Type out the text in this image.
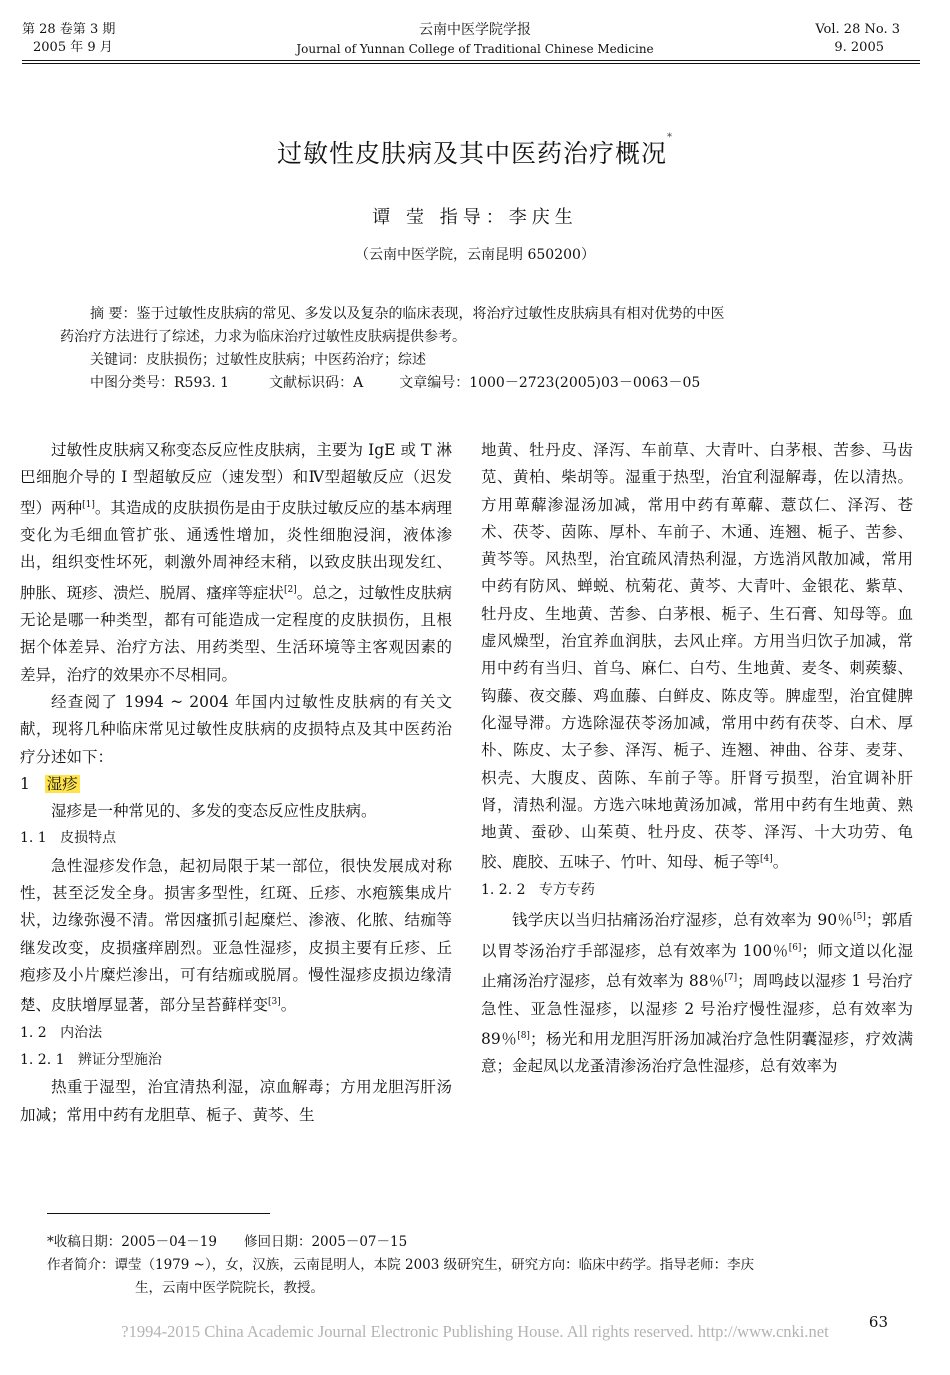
第 28 卷第 3 期
2005 年 9 月
云南中医学院学报
Journal of Yunnan College of Traditional Chinese Medicine
Vol. 28 No. 3
9. 2005
过敏性皮肤病及其中医药治疗概况*
谭 莹 指导：李庆生
（云南中医学院，云南昆明 650200）
摘 要：鉴于过敏性皮肤病的常见、多发以及复杂的临床表现，将治疗过敏性皮肤病具有相对优势的中医
药治疗方法进行了综述，力求为临床治疗过敏性皮肤病提供参考。
关键词：皮肤损伤；过敏性皮肤病；中医药治疗；综述
中图分类号：R593. 1	文献标识码：A	文章编号：1000－2723(2005)03－0063－05

过敏性皮肤病又称变态反应性皮肤病，主要为 IgE 或 T 淋巴细胞介导的 I 型超敏反应（速发型）和Ⅳ型超敏反应（迟发型）两种[1]。其造成的皮肤损伤是由于皮肤过敏反应的基本病理变化为毛细血管扩张、通透性增加，炎性细胞浸润，液体渗出，组织变性坏死，刺激外周神经末稍，以致皮肤出现发红、肿胀、斑疹、溃烂、脱屑、瘙痒等症状[2]。总之，过敏性皮肤病无论是哪一种类型，都有可能造成一定程度的皮肤损伤，且根据个体差异、治疗方法、用药类型、生活环境等主客观因素的差异，治疗的效果亦不尽相同。

经查阅了 1994 ~ 2004 年国内过敏性皮肤病的有关文献，现将几种临床常见过敏性皮肤病的皮损特点及其中医药治疗分述如下：

1 湿疹

湿疹是一种常见的、多发的变态反应性皮肤病。

1. 1 皮损特点

急性湿疹发作急，起初局限于某一部位，很快发展成对称性，甚至泛发全身。损害多型性，红斑、丘疹、水疱簇集成片状，边缘弥漫不清。常因瘙抓引起糜烂、渗液、化脓、结痂等继发改变，皮损瘙痒剧烈。亚急性湿疹，皮损主要有丘疹、丘疱疹及小片糜烂渗出，可有结痂或脱屑。慢性湿疹皮损边缘清楚、皮肤增厚显著，部分呈苔藓样变[3]。

1. 2 内治法

1. 2. 1 辨证分型施治

热重于湿型，治宜清热利湿，凉血解毒；方用龙胆泻肝汤加减；常用中药有龙胆草、栀子、黄芩、生

地黄、牡丹皮、泽泻、车前草、大青叶、白茅根、苦参、马齿苋、黄柏、柴胡等。湿重于热型，治宜利湿解毒，佐以清热。方用萆薢渗湿汤加减，常用中药有萆薢、薏苡仁、泽泻、苍术、茯苓、茵陈、厚朴、车前子、木通、连翘、栀子、苦参、黄芩等。风热型，治宜疏风清热利湿，方选消风散加减，常用中药有防风、蝉蜕、杭菊花、黄芩、大青叶、金银花、紫草、牡丹皮、生地黄、苦参、白茅根、栀子、生石膏、知母等。血虚风燥型，治宜养血润肤，去风止痒。方用当归饮子加减，常用中药有当归、首乌、麻仁、白芍、生地黄、麦冬、刺蒺藜、钩藤、夜交藤、鸡血藤、白鲜皮、陈皮等。脾虚型，治宜健脾化湿导滞。方选除湿茯苓汤加减，常用中药有茯苓、白术、厚朴、陈皮、太子参、泽泻、栀子、连翘、神曲、谷芽、麦芽、枳壳、大腹皮、茵陈、车前子等。肝肾亏损型，治宜调补肝肾，清热利湿。方选六味地黄汤加减，常用中药有生地黄、熟地黄、蚕砂、山茱萸、牡丹皮、茯苓、泽泻、十大功劳、龟胶、鹿胶、五味子、竹叶、知母、栀子等[4]。

1. 2. 2 专方专药

钱学庆以当归拈痛汤治疗湿疹，总有效率为 90％[5]；郭盾以胃苓汤治疗手部湿疹，总有效率为 100％[6]；师文道以化湿止痛汤治疗湿疹，总有效率为 88％[7]；周鸣歧以湿疹 1 号治疗急性、亚急性湿疹，以湿疹 2 号治疗慢性湿疹，总有效率为 89％[8]；杨光和用龙胆泻肝汤加减治疗急性阴囊湿疹，疗效满意；金起凤以龙蚤清渗汤治疗急性湿疹，总有效率为

*收稿日期：2005－04－19　　修回日期：2005－07－15
作者简介：谭莹（1979 ~），女，汉族，云南昆明人，本院 2003 级研究生，研究方向：临床中药学。指导老师：李庆
生，云南中医学院院长，教授。
63
?1994-2015 China Academic Journal Electronic Publishing House. All rights reserved. http://www.cnki.net
